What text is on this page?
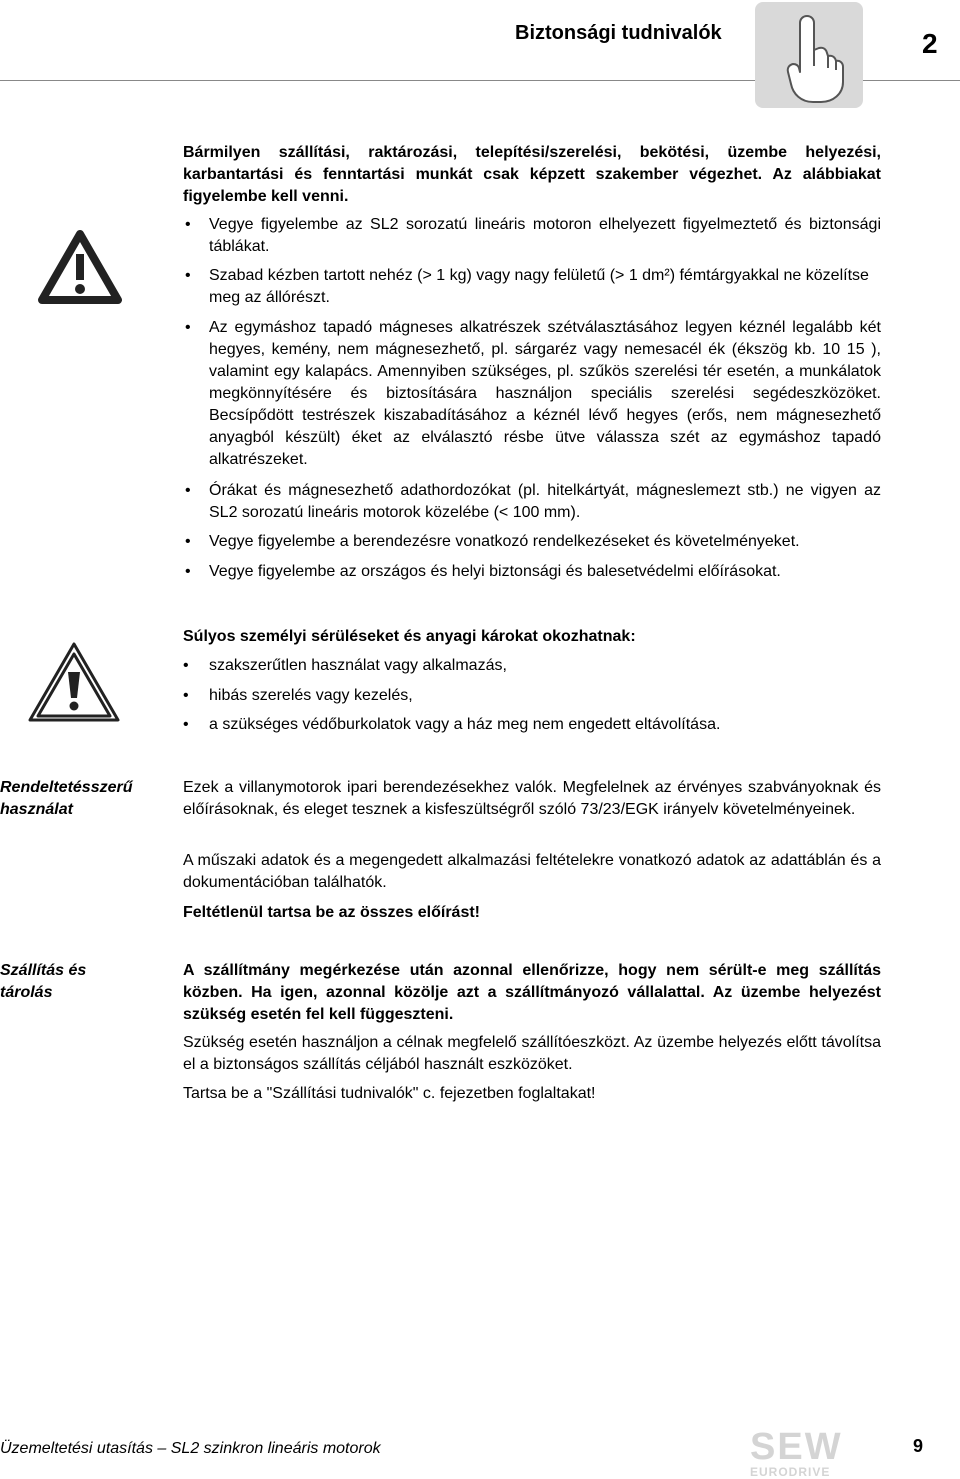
Biztonsági tudnivalók	2
Bármilyen szállítási, raktározási, telepítési/szerelési, bekötési, üzembe helyezési, karbantartási és fenntartási munkát csak képzett szakember végezhet. Az alábbiakat figyelembe kell venni.
• Vegye figyelembe az SL2 sorozatú lineáris motoron elhelyezett figyelmeztető és biztonsági táblákat.
• Szabad kézben tartott nehéz (> 1 kg) vagy nagy felületű (> 1 dm²) fémtárgyakkal ne közelítse meg az állórészt.
• Az egymáshoz tapadó mágneses alkatrészek szétválasztásához legyen kéznél legalább két hegyes, kemény, nem mágnesezhető, pl. sárgaréz vagy nemesacél ék (ékszög kb. 10 15 ), valamint egy kalapács. Amennyiben szükséges, pl. szűkös szerelési tér esetén, a munkálatok megkönnyítésére és biztosítására használjon speciális szerelési segédeszközöket. Becsípődött testrészek kiszabadításához a kéznél lévő hegyes (erős, nem mágnesezhető anyagból készült) éket az elválasztó résbe ütve válassza szét az egymáshoz tapadó alkatrészeket.
• Órákat és mágnesezhető adathordozókat (pl. hitelkártyát, mágneslemezt stb.) ne vigyen az SL2 sorozatú lineáris motorok közelébe (< 100 mm).
• Vegye figyelembe a berendezésre vonatkozó rendelkezéseket és követelményeket.
• Vegye figyelembe az országos és helyi biztonsági és balesetvédelmi előírásokat.
Súlyos személyi sérüléseket és anyagi károkat okozhatnak:
• szakszerűtlen használat vagy alkalmazás,
• hibás szerelés vagy kezelés,
• a szükséges védőburkolatok vagy a ház meg nem engedett eltávolítása.
Rendeltetésszerű
használat
Ezek a villanymotorok ipari berendezésekhez valók. Megfelelnek az érvényes szabványoknak és előírásoknak, és eleget tesznek a kisfeszültségről szóló 73/23/EGK irányelv követelményeinek.
A műszaki adatok és a megengedett alkalmazási feltételekre vonatkozó adatok az adattáblán és a dokumentációban találhatók.
Feltétlenül tartsa be az összes előírást!
Szállítás és
tárolás
A szállítmány megérkezése után azonnal ellenőrizze, hogy nem sérült-e meg szállítás közben. Ha igen, azonnal közölje azt a szállítmányozó vállalattal. Az üzembe helyezést szükség esetén fel kell függeszteni.
Szükség esetén használjon a célnak megfelelő szállítóeszközt. Az üzembe helyezés előtt távolítsa el a biztonságos szállítás céljából használt eszközöket.
Tartsa be a "Szállítási tudnivalók" c. fejezetben foglaltakat!
Üzemeltetési utasítás – SL2 szinkron lineáris motorok	SEW
EURODRIVE
9
